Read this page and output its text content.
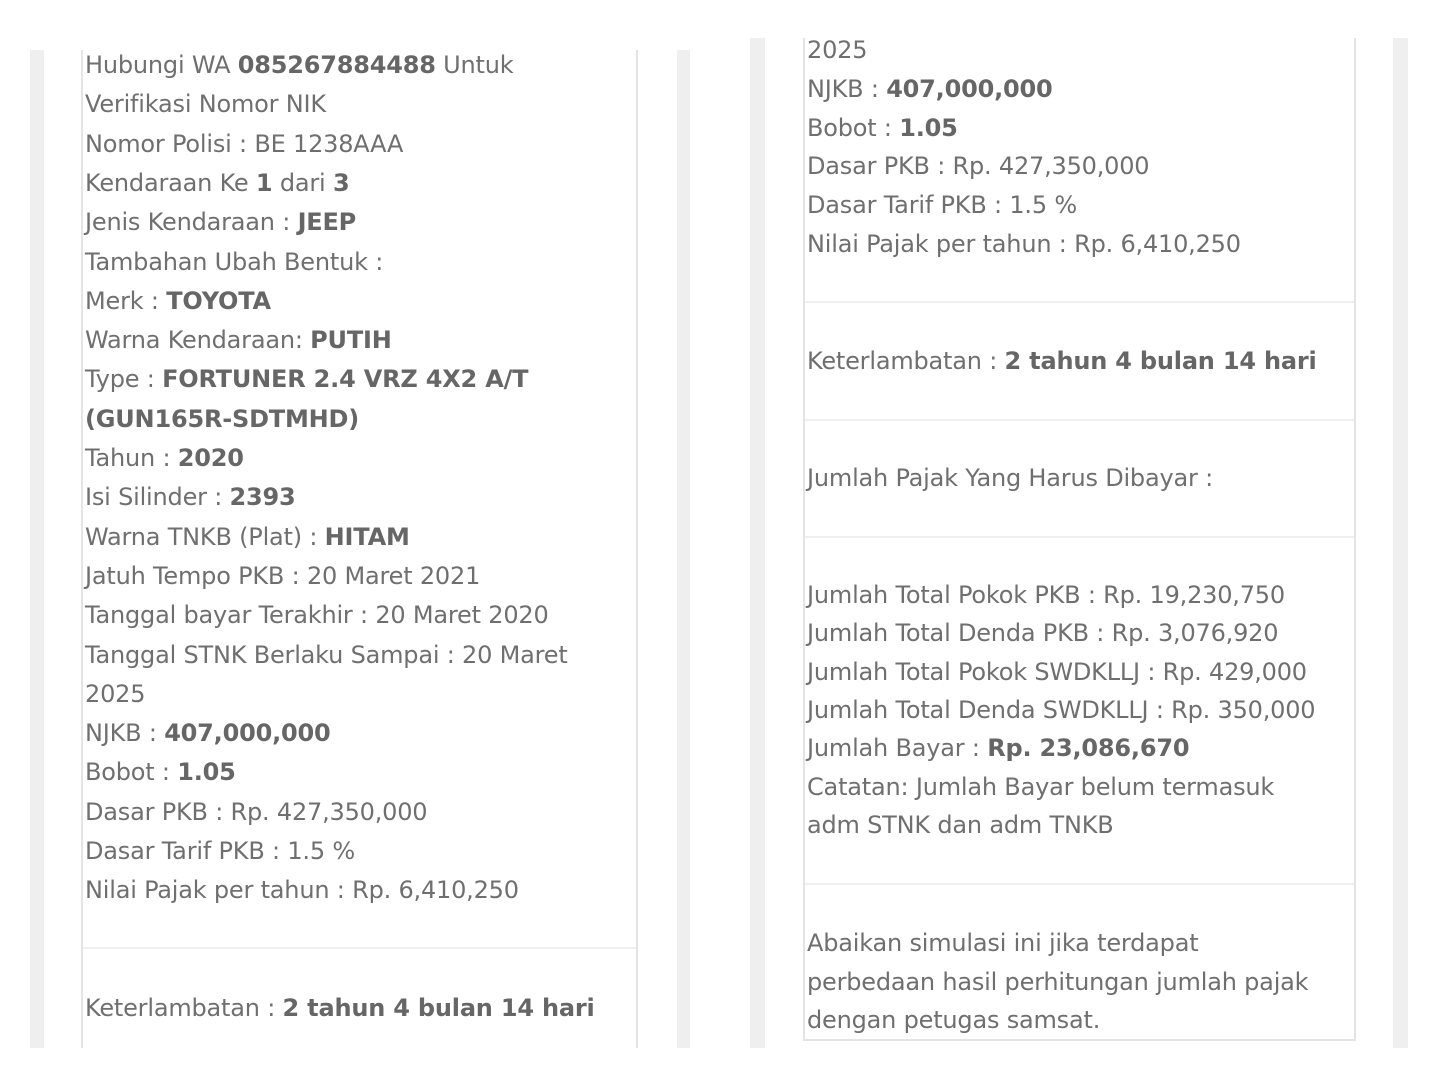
Hubungi WA 085267884488 Untuk
Verifikasi Nomor NIK
Nomor Polisi : BE 1238AAA
Kendaraan Ke 1 dari 3
Jenis Kendaraan : JEEP
Tambahan Ubah Bentuk :
Merk : TOYOTA
Warna Kendaraan: PUTIH
Type : FORTUNER 2.4 VRZ 4X2 A/T
(GUN165R-SDTMHD)
Tahun : 2020
Isi Silinder : 2393
Warna TNKB (Plat) : HITAM
Jatuh Tempo PKB : 20 Maret 2021
Tanggal bayar Terakhir : 20 Maret 2020
Tanggal STNK Berlaku Sampai : 20 Maret
2025
NJKB : 407,000,000
Bobot : 1.05
Dasar PKB : Rp. 427,350,000
Dasar Tarif PKB : 1.5 %
Nilai Pajak per tahun : Rp. 6,410,250
Keterlambatan : 2 tahun 4 bulan 14 hari
2025
NJKB : 407,000,000
Bobot : 1.05
Dasar PKB : Rp. 427,350,000
Dasar Tarif PKB : 1.5 %
Nilai Pajak per tahun : Rp. 6,410,250
Keterlambatan : 2 tahun 4 bulan 14 hari
Jumlah Pajak Yang Harus Dibayar :
Jumlah Total Pokok PKB : Rp. 19,230,750
Jumlah Total Denda PKB : Rp. 3,076,920
Jumlah Total Pokok SWDKLLJ : Rp. 429,000
Jumlah Total Denda SWDKLLJ : Rp. 350,000
Jumlah Bayar : Rp. 23,086,670
Catatan: Jumlah Bayar belum termasuk
adm STNK dan adm TNKB
Abaikan simulasi ini jika terdapat
perbedaan hasil perhitungan jumlah pajak
dengan petugas samsat.
